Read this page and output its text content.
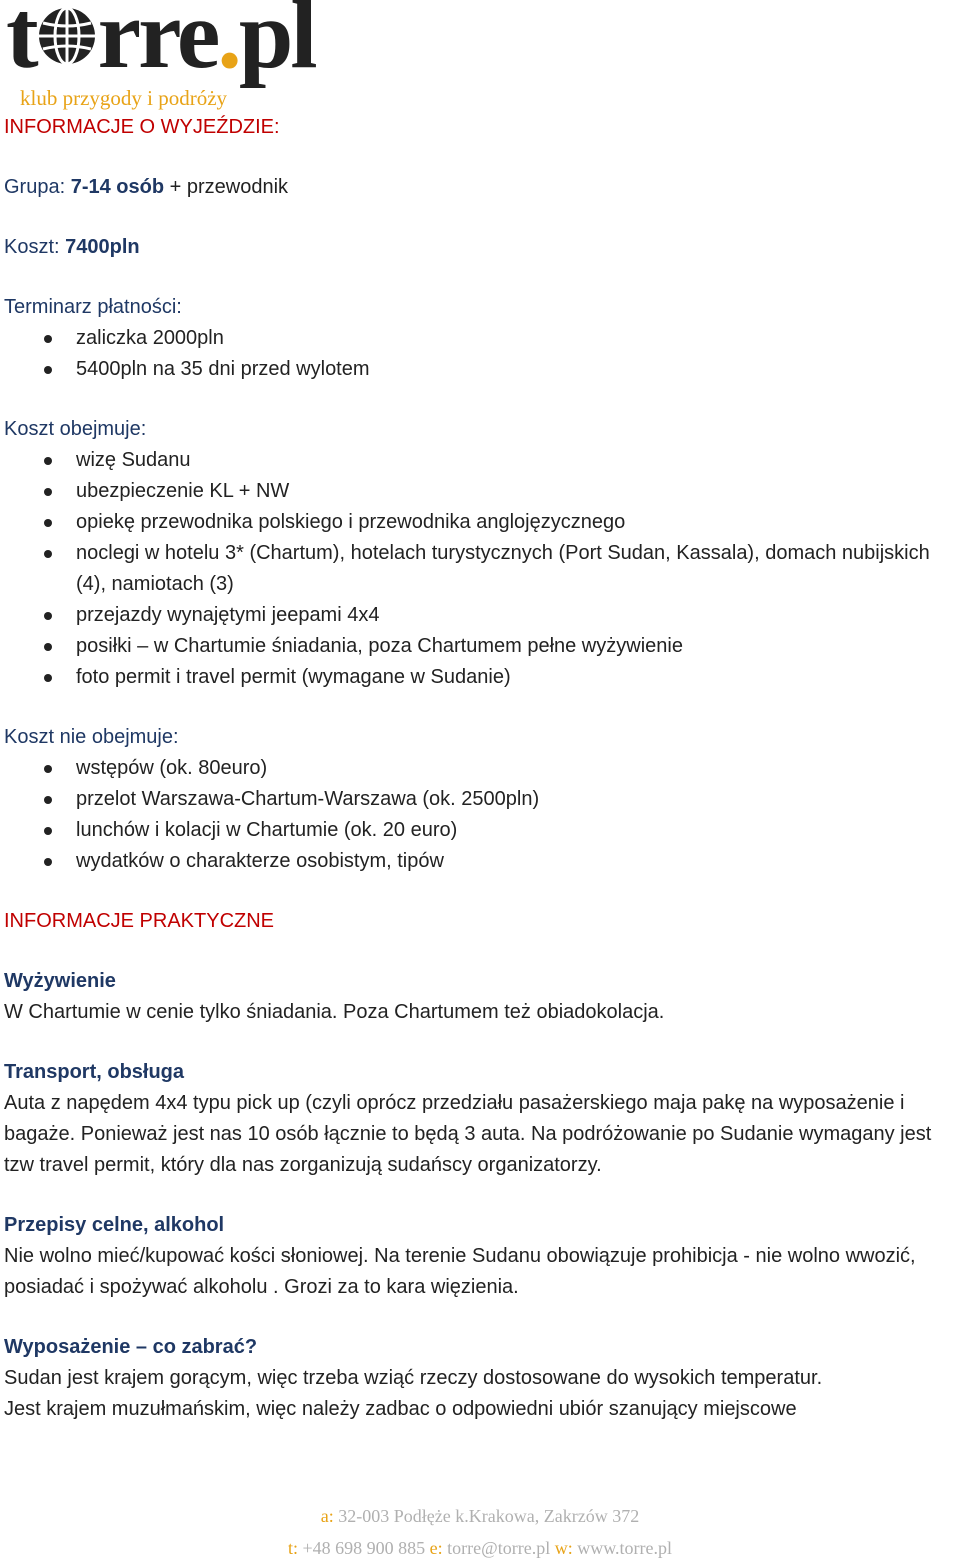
t rre.pl
klub przygody i podróży
INFORMACJE O WYJEŹDZIE:
Grupa: 7-14 osób + przewodnik
Koszt: 7400pln
Terminarz płatności:
zaliczka 2000pln
5400pln na 35 dni przed wylotem
Koszt obejmuje:
wizę Sudanu
ubezpieczenie KL + NW
opiekę przewodnika polskiego i przewodnika anglojęzycznego
noclegi w hotelu 3* (Chartum), hotelach turystycznych (Port Sudan, Kassala), domach nubijskich (4), namiotach (3)
przejazdy wynajętymi jeepami 4x4
posiłki – w Chartumie śniadania, poza Chartumem pełne wyżywienie
foto permit i travel permit (wymagane w Sudanie)
Koszt nie obejmuje:
wstępów (ok. 80euro)
przelot Warszawa-Chartum-Warszawa (ok. 2500pln)
lunchów i kolacji w Chartumie (ok. 20 euro)
wydatków o charakterze osobistym, tipów
INFORMACJE PRAKTYCZNE
Wyżywienie

W Chartumie w cenie tylko śniadania. Poza Chartumem też obiadokolacja.

Transport, obsługa

Auta z napędem 4x4 typu pick up (czyli oprócz przedziału pasażerskiego maja pakę na wyposażenie i bagaże. Ponieważ jest nas 10 osób łącznie to będą 3 auta. Na podróżowanie po Sudanie wymagany jest tzw travel permit, który dla nas zorganizują sudańscy organizatorzy.

Przepisy celne, alkohol

Nie wolno mieć/kupować kości słoniowej. Na terenie Sudanu obowiązuje prohibicja - nie wolno wwozić, posiadać i spożywać alkoholu . Grozi za to kara więzienia.

Wyposażenie – co zabrać?

Sudan jest krajem gorącym, więc trzeba wziąć rzeczy dostosowane do wysokich temperatur.

Jest krajem muzułmańskim, więc należy zadbac o odpowiedni ubiór szanujący miejscowe

a: 32-003 Podłęże k.Krakowa, Zakrzów 372
t: +48 698 900 885 e: torre@torre.pl w: www.torre.pl
